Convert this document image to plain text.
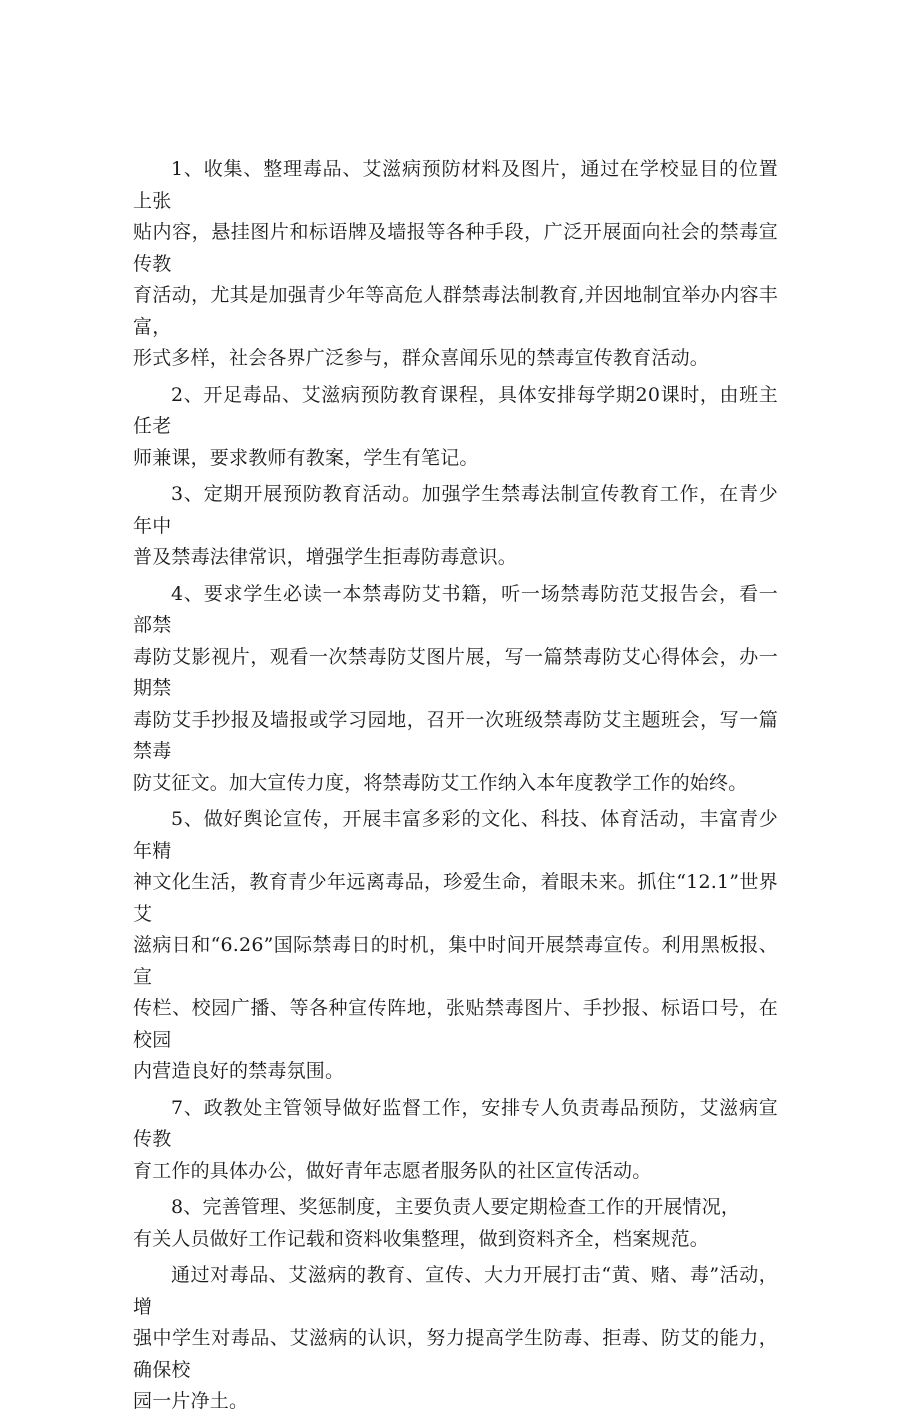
1、收集、整理毒品、艾滋病预防材料及图片，通过在学校显目的位置上张
贴内容，悬挂图片和标语牌及墙报等各种手段，广泛开展面向社会的禁毒宣传教
育活动，尤其是加强青少年等高危人群禁毒法制教育,并因地制宜举办内容丰富，
形式多样，社会各界广泛参与，群众喜闻乐见的禁毒宣传教育活动。

2、开足毒品、艾滋病预防教育课程，具体安排每学期20课时，由班主任老
师兼课，要求教师有教案，学生有笔记。

3、定期开展预防教育活动。加强学生禁毒法制宣传教育工作，在青少年中
普及禁毒法律常识，增强学生拒毒防毒意识。

4、要求学生必读一本禁毒防艾书籍，听一场禁毒防范艾报告会，看一部禁
毒防艾影视片，观看一次禁毒防艾图片展，写一篇禁毒防艾心得体会，办一期禁
毒防艾手抄报及墙报或学习园地，召开一次班级禁毒防艾主题班会，写一篇禁毒
防艾征文。加大宣传力度，将禁毒防艾工作纳入本年度教学工作的始终。

5、做好舆论宣传，开展丰富多彩的文化、科技、体育活动，丰富青少年精
神文化生活，教育青少年远离毒品，珍爱生命，着眼未来。抓住“12.1”世界艾
滋病日和“6.26”国际禁毒日的时机，集中时间开展禁毒宣传。利用黑板报、宣
传栏、校园广播、等各种宣传阵地，张贴禁毒图片、手抄报、标语口号，在校园
内营造良好的禁毒氛围。

7、政教处主管领导做好监督工作，安排专人负责毒品预防，艾滋病宣传教
育工作的具体办公，做好青年志愿者服务队的社区宣传活动。

8、完善管理、奖惩制度，主要负责人要定期检查工作的开展情况，
有关人员做好工作记载和资料收集整理，做到资料齐全，档案规范。

通过对毒品、艾滋病的教育、宣传、大力开展打击“黄、赌、毒”活动，增
强中学生对毒品、艾滋病的认识，努力提高学生防毒、拒毒、防艾的能力，确保校
园一片净土。
